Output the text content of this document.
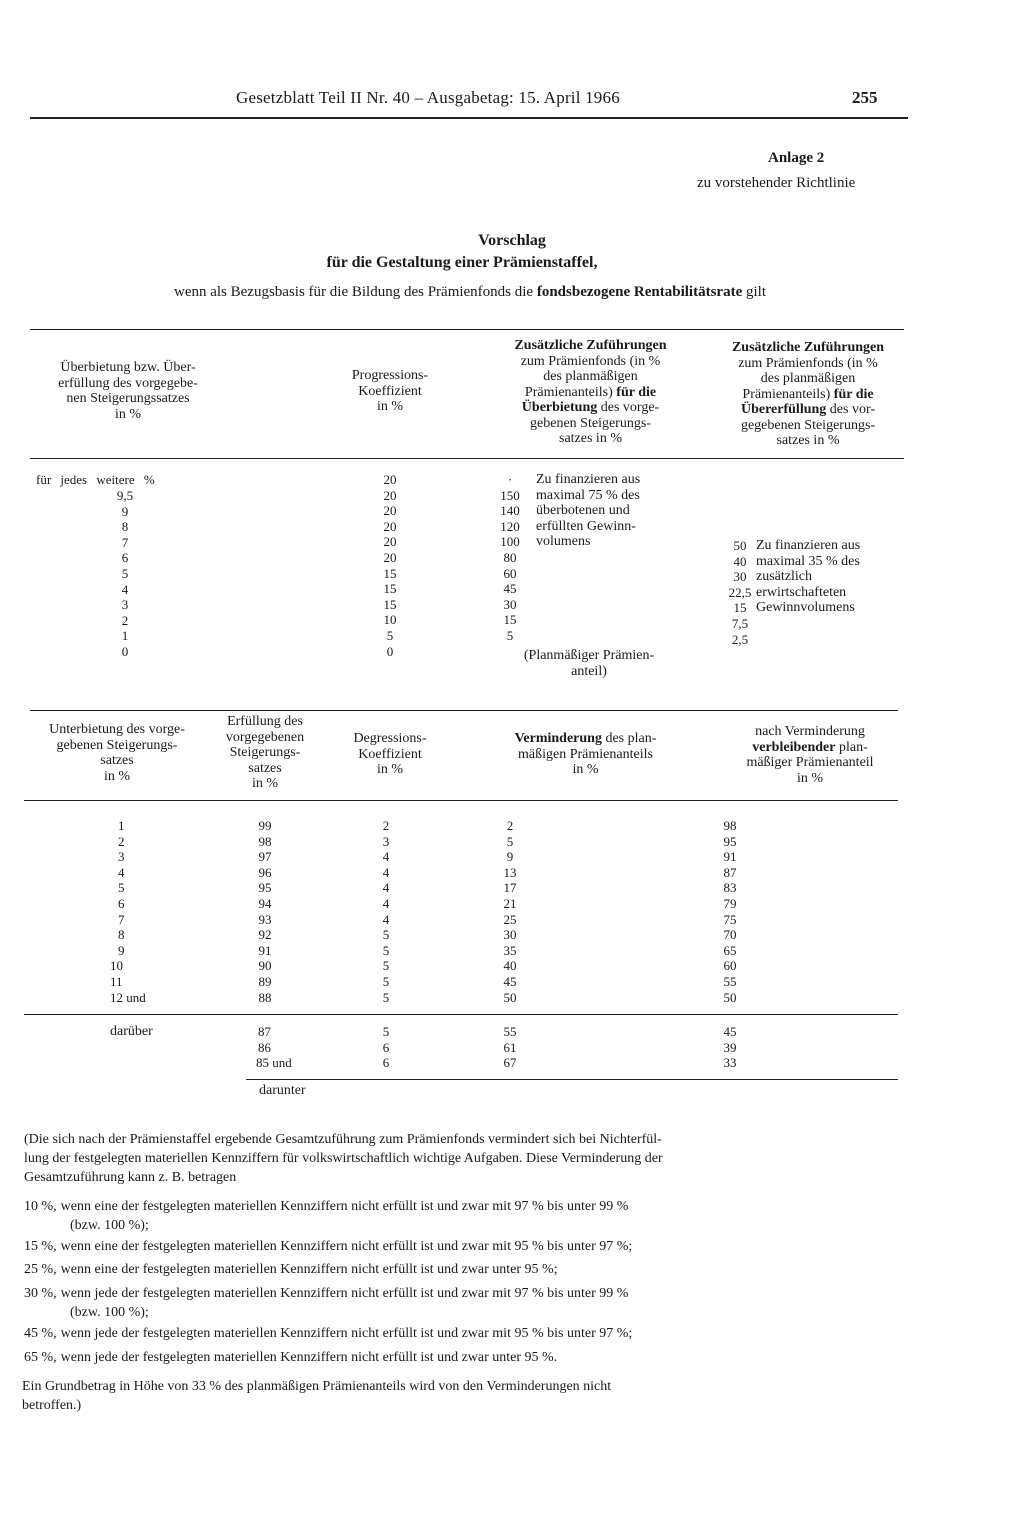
Gesetzblatt Teil II Nr. 40 – Ausgabetag: 15. April 1966	255
Anlage 2
zu vorstehender Richtlinie
Vorschlag
für die Gestaltung einer Prämienstaffel,
wenn als Bezugsbasis für die Bildung des Prämienfonds die fondsbezogene Rentabilitätsrate gilt
Überbietung bzw. Über-
erfüllung des vorgegebe-
nen Steigerungssatzes
in %
Progressions-
Koeffizient
in %
Zusätzliche Zuführungen
zum Prämienfonds (in %
des planmäßigen
Prämienanteils) für die
Überbietung des vorge-
gebenen Steigerungs-
satzes in %
Zusätzliche Zuführungen
zum Prämienfonds (in %
des planmäßigen
Prämienanteils) für die
Übererfüllung des vor-
gegebenen Steigerungs-
satzes in %
für jedes weitere %
9,5
9
8
7
6
5
4
3
2
1
0
20
20
20
20
20
20
15
15
15
10
5
0
·
150
140
120
100
80
60
45
30
15
5
Zu finanzieren aus
maximal 75 % des
überbotenen und
erfüllten Gewinn-
volumens
(Planmäßiger Prämien-
anteil)
50
40
30
22,5
15
7,5
2,5
Zu finanzieren aus
maximal 35 % des
zusätzlich
erwirtschafteten
Gewinnvolumens
Unterbietung des vorge-
gebenen Steigerungs-
satzes
in %
Erfüllung des
vorgegebenen
Steigerungs-
satzes
in %
Degressions-
Koeffizient
in %
Verminderung des plan-
mäßigen Prämienanteils
in %
nach Verminderung
verbleibender plan-
mäßiger Prämienanteil
in %
1
2
3
4
5
6
7
8
9
10
11
12 und
99
98
97
96
95
94
93
92
91
90
89
88
2
3
4
4
4
4
4
5
5
5
5
5
2
5
9
13
17
21
25
30
35
40
45
50
98
95
91
87
83
79
75
70
65
60
55
50
darüber	87
86
85 und
5
6
6
55
61
67
45
39
33
darunter
(Die sich nach der Prämienstaffel ergebende Gesamtzuführung zum Prämienfonds vermindert sich bei Nichterfül-
lung der festgelegten materiellen Kennziffern für volkswirtschaftlich wichtige Aufgaben. Diese Verminderung der
Gesamtzuführung kann z. B. betragen
10 %, wenn eine der festgelegten materiellen Kennziffern nicht erfüllt ist und zwar mit 97 % bis unter 99 %
(bzw. 100 %);
15 %, wenn eine der festgelegten materiellen Kennziffern nicht erfüllt ist und zwar mit 95 % bis unter 97 %;
25 %, wenn eine der festgelegten materiellen Kennziffern nicht erfüllt ist und zwar unter 95 %;
30 %, wenn jede der festgelegten materiellen Kennziffern nicht erfüllt ist und zwar mit 97 % bis unter 99 %
(bzw. 100 %);
45 %, wenn jede der festgelegten materiellen Kennziffern nicht erfüllt ist und zwar mit 95 % bis unter 97 %;
65 %, wenn jede der festgelegten materiellen Kennziffern nicht erfüllt ist und zwar unter 95 %.
Ein Grundbetrag in Höhe von 33 % des planmäßigen Prämienanteils wird von den Verminderungen nicht
betroffen.)
